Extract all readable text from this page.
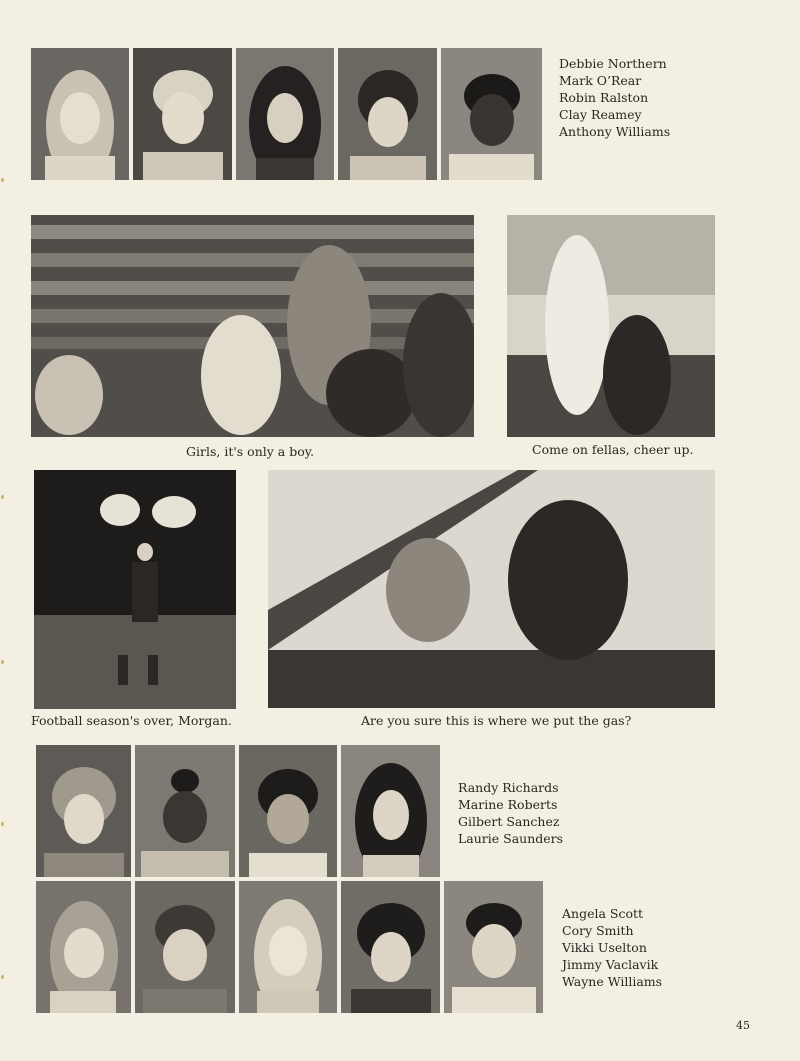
Debbie Northern
Mark O’Rear
Robin Ralston
Clay Reamey
Anthony Williams
Girls, it's only a boy.	Come on fellas, cheer up.
Football season's over, Morgan.	Are you sure this is where we put the gas?
Randy Richards
Marine Roberts
Gilbert Sanchez
Laurie Saunders
Angela Scott
Cory Smith
Vikki Uselton
Jimmy Vaclavik
Wayne Williams
45
